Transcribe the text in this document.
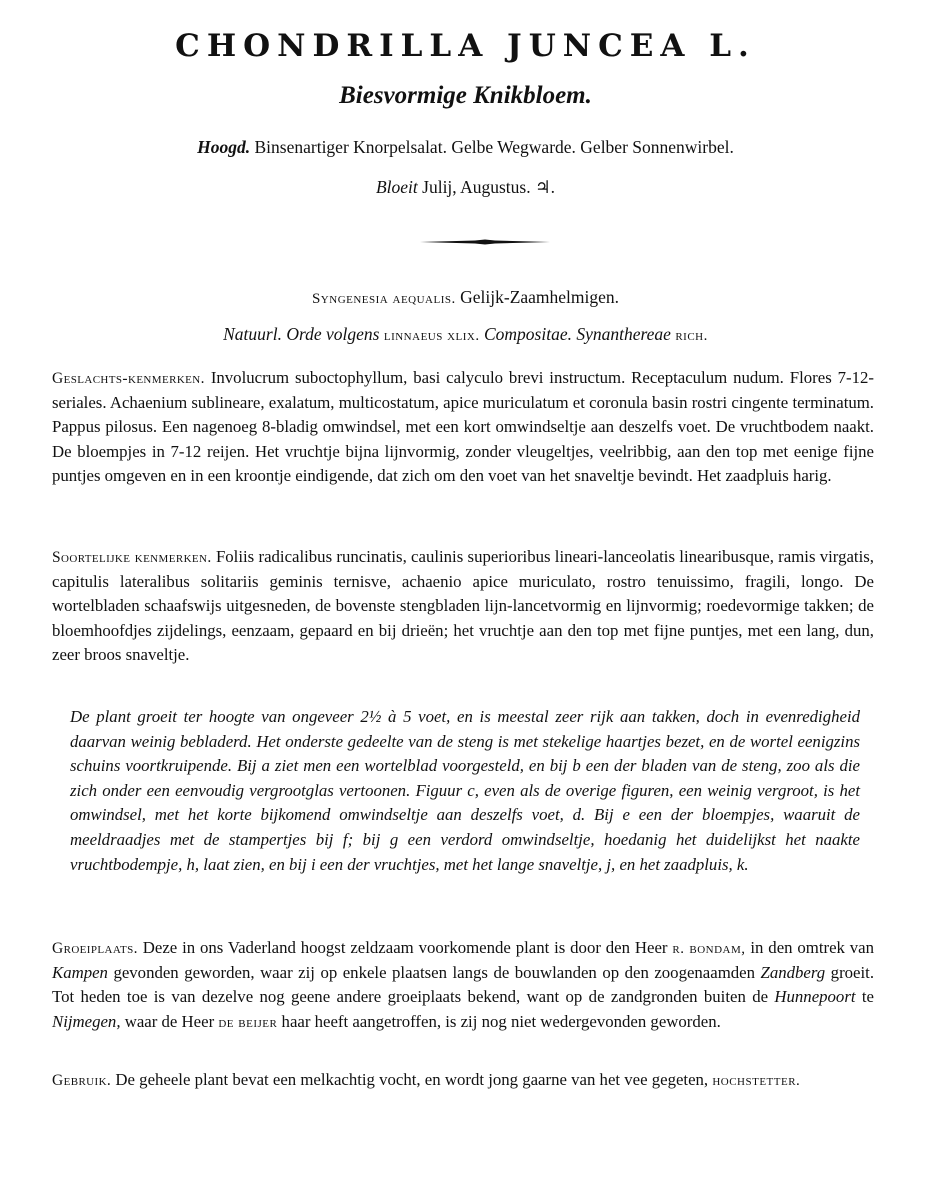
CHONDRILLA JUNCEA L.
Biesvormige Knikbloem.
Hoogd. Binsenartiger Knorpelsalat. Gelbe Wegwarde. Gelber Sonnenwirbel.
Bloeit Julij, Augustus. ♃.
Syngenesia aequalis. Gelijk-Zaamhelmigen.
Natuurl. Orde volgens linnaeus xlix. Compositae. Synanthereae rich.
Geslachts-kenmerken. Involucrum suboctophyllum, basi calyculo brevi instructum. Receptaculum nudum. Flores 7-12-seriales. Achaenium sublineare, exalatum, multicostatum, apice muriculatum et coronula basin rostri cingente terminatum. Pappus pilosus. Een nagenoeg 8-bladig omwindsel, met een kort omwindseltje aan deszelfs voet. De vruchtbodem naakt. De bloempjes in 7-12 reijen. Het vruchtje bijna lijnvormig, zonder vleugeltjes, veelribbig, aan den top met eenige fijne puntjes omgeven en in een kroontje eindigende, dat zich om den voet van het snaveltje bevindt. Het zaadpluis harig.
Soortelijke kenmerken. Foliis radicalibus runcinatis, caulinis superioribus lineari-lanceolatis linearibusque, ramis virgatis, capitulis lateralibus solitariis geminis ternisve, achaenio apice muriculato, rostro tenuissimo, fragili, longo. De wortelbladen schaafswijs uitgesneden, de bovenste stengbladen lijn-lancetvormig en lijnvormig; roedevormige takken; de bloemhoofdjes zijdelings, eenzaam, gepaard en bij drieën; het vruchtje aan den top met fijne puntjes, met een lang, dun, zeer broos snaveltje.
De plant groeit ter hoogte van ongeveer 2½ à 5 voet, en is meestal zeer rijk aan takken, doch in evenredigheid daarvan weinig bebladerd. Het onderste gedeelte van de steng is met stekelige haartjes bezet, en de wortel eenigzins schuins voortkruipende. Bij a ziet men een wortelblad voorgesteld, en bij b een der bladen van de steng, zoo als die zich onder een eenvoudig vergrootglas vertoonen. Figuur c, even als de overige figuren, een weinig vergroot, is het omwindsel, met het korte bijkomend omwindseltje aan deszelfs voet, d. Bij e een der bloempjes, waaruit de meeldraadjes met de stampertjes bij f; bij g een verdord omwindseltje, hoedanig het duidelijkst het naakte vruchtbodempje, h, laat zien, en bij i een der vruchtjes, met het lange snaveltje, j, en het zaadpluis, k.
Groeiplaats. Deze in ons Vaderland hoogst zeldzaam voorkomende plant is door den Heer r. bondam, in den omtrek van Kampen gevonden geworden, waar zij op enkele plaatsen langs de bouwlanden op den zoogenaamden Zandberg groeit. Tot heden toe is van dezelve nog geene andere groeiplaats bekend, want op de zandgronden buiten de Hunnepoort te Nijmegen, waar de Heer de beijer haar heeft aangetroffen, is zij nog niet wedergevonden geworden.
Gebruik. De geheele plant bevat een melkachtig vocht, en wordt jong gaarne van het vee gegeten, hochstetter.
